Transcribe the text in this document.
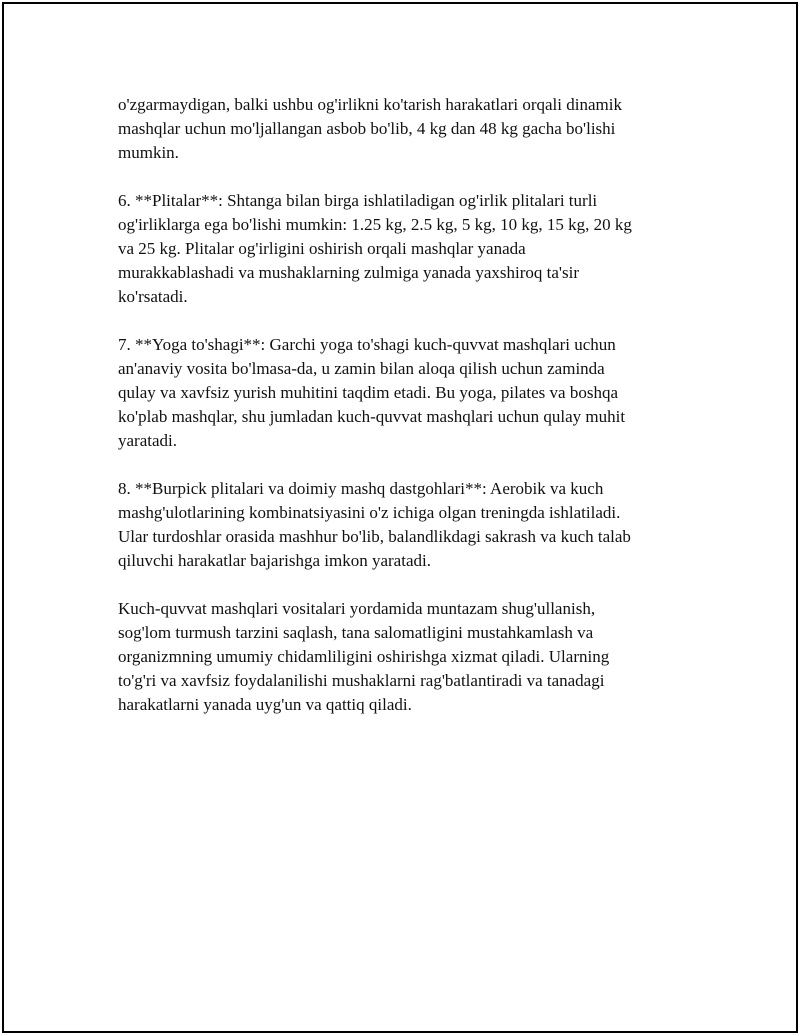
o'zgarmaydigan, balki ushbu og'irlikni ko'tarish harakatlari orqali dinamik
mashqlar uchun mo'ljallangan asbob bo'lib, 4 kg dan 48 kg gacha bo'lishi
mumkin.

6. **Plitalar**: Shtanga bilan birga ishlatiladigan og'irlik plitalari turli
og'irliklarga ega bo'lishi mumkin: 1.25 kg, 2.5 kg, 5 kg, 10 kg, 15 kg, 20 kg
va 25 kg. Plitalar og'irligini oshirish orqali mashqlar yanada
murakkablashadi va mushaklarning zulmiga yanada yaxshiroq ta'sir
ko'rsatadi.

7. **Yoga to'shagi**: Garchi yoga to'shagi kuch-quvvat mashqlari uchun
an'anaviy vosita bo'lmasa-da, u zamin bilan aloqa qilish uchun zaminda
qulay va xavfsiz yurish muhitini taqdim etadi. Bu yoga, pilates va boshqa
ko'plab mashqlar, shu jumladan kuch-quvvat mashqlari uchun qulay muhit
yaratadi.

8. **Burpick plitalari va doimiy mashq dastgohlari**: Aerobik va kuch
mashg'ulotlarining kombinatsiyasini o'z ichiga olgan treningda ishlatiladi.
Ular turdoshlar orasida mashhur bo'lib, balandlikdagi sakrash va kuch talab
qiluvchi harakatlar bajarishga imkon yaratadi.

Kuch-quvvat mashqlari vositalari yordamida muntazam shug'ullanish,
sog'lom turmush tarzini saqlash, tana salomatligini mustahkamlash va
organizmning umumiy chidamliligini oshirishga xizmat qiladi. Ularning
to'g'ri va xavfsiz foydalanilishi mushaklarni rag'batlantiradi va tanadagi
harakatlarni yanada uyg'un va qattiq qiladi.
